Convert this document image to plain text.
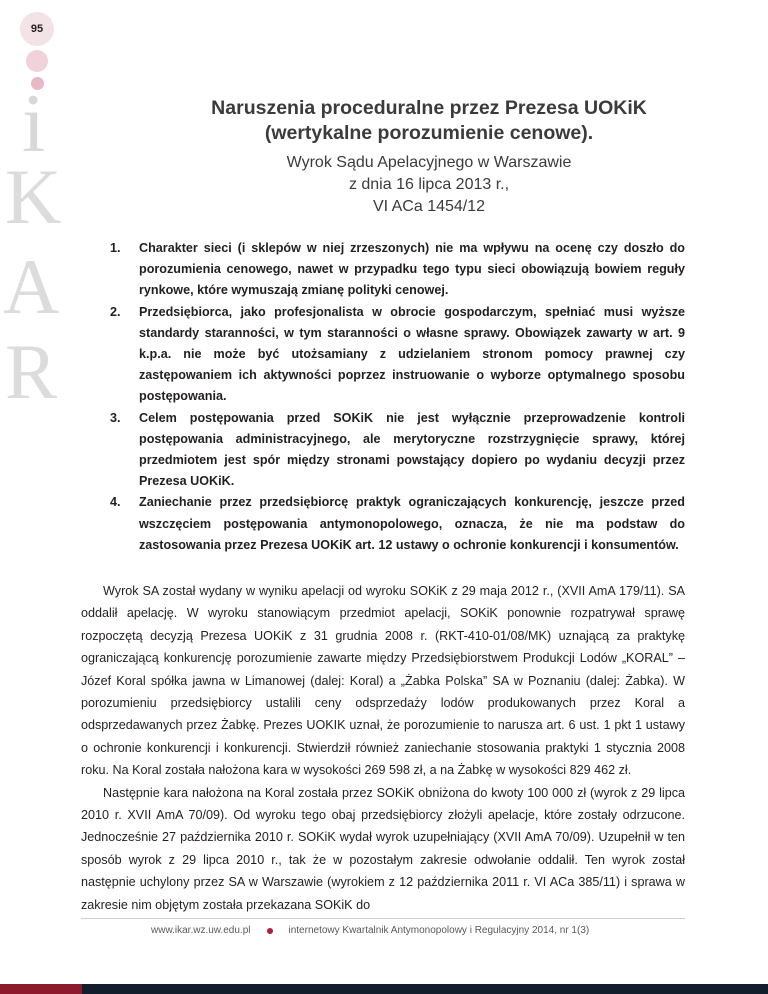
95
i
K
A
R
Naruszenia proceduralne przez Prezesa UOKiK
(wertykalne porozumienie cenowe).
Wyrok Sądu Apelacyjnego w Warszawie
z dnia 16 lipca 2013 r.,
VI ACa 1454/12
1. Charakter sieci (i sklepów w niej zrzeszonych) nie ma wpływu na ocenę czy doszło do porozumienia cenowego, nawet w przypadku tego typu sieci obowiązują bowiem reguły rynkowe, które wymuszają zmianę polityki cenowej.
2. Przedsiębiorca, jako profesjonalista w obrocie gospodarczym, spełniać musi wyższe standardy staranności, w tym staranności o własne sprawy. Obowiązek zawarty w art. 9 k.p.a. nie może być utożsamiany z udzielaniem stronom pomocy prawnej czy zastępowaniem ich aktywności poprzez instruowanie o wyborze optymalnego sposobu postępowania.
3. Celem postępowania przed SOKiK nie jest wyłącznie przeprowadzenie kontroli postępowania administracyjnego, ale merytoryczne rozstrzygnięcie sprawy, której przedmiotem jest spór między stronami powstający dopiero po wydaniu decyzji przez Prezesa UOKiK.
4. Zaniechanie przez przedsiębiorcę praktyk ograniczających konkurencję, jeszcze przed wszczęciem postępowania antymonopolowego, oznacza, że nie ma podstaw do zastosowania przez Prezesa UOKiK art. 12 ustawy o ochronie konkurencji i konsumentów.

Wyrok SA został wydany w wyniku apelacji od wyroku SOKiK z 29 maja 2012 r., (XVII AmA 179/11). SA oddalił apelację. W wyroku stanowiącym przedmiot apelacji, SOKiK ponownie rozpatrywał sprawę rozpoczętą decyzją Prezesa UOKiK z 31 grudnia 2008 r. (RKT-410-01/08/MK) uznającą za praktykę ograniczającą konkurencję porozumienie zawarte między Przedsiębiorstwem Produkcji Lodów „KORAL” – Józef Koral spółka jawna w Limanowej (dalej: Koral) a „Żabka Polska” SA w Poznaniu (dalej: Żabka). W porozumieniu przedsiębiorcy ustalili ceny odsprzedaży lodów produkowanych przez Koral a odsprzedawanych przez Żabkę. Prezes UOKIK uznał, że porozumienie to narusza art. 6 ust. 1 pkt 1 ustawy o ochronie konkurencji i konkurencji. Stwierdził również zaniechanie stosowania praktyki 1 stycznia 2008 roku. Na Koral została nałożona kara w wysokości 269 598 zł, a na Żabkę w wysokości 829 462 zł.

Następnie kara nałożona na Koral została przez SOKiK obniżona do kwoty 100 000 zł (wyrok z 29 lipca 2010 r. XVII AmA 70/09). Od wyroku tego obaj przedsiębiorcy złożyli apelacje, które zostały odrzucone. Jednocześnie 27 października 2010 r. SOKiK wydał wyrok uzupełniający (XVII AmA 70/09). Uzupełnił w ten sposób wyrok z 29 lipca 2010 r., tak że w pozostałym zakresie odwołanie oddalił. Ten wyrok został następnie uchylony przez SA w Warszawie (wyrokiem z 12 października 2011 r. VI ACa 385/11) i sprawa w zakresie nim objętym została przekazana SOKiK do

www.ikar.wz.uw.edu.pl	internetowy Kwartalnik Antymonopolowy i Regulacyjny 2014, nr 1(3)
